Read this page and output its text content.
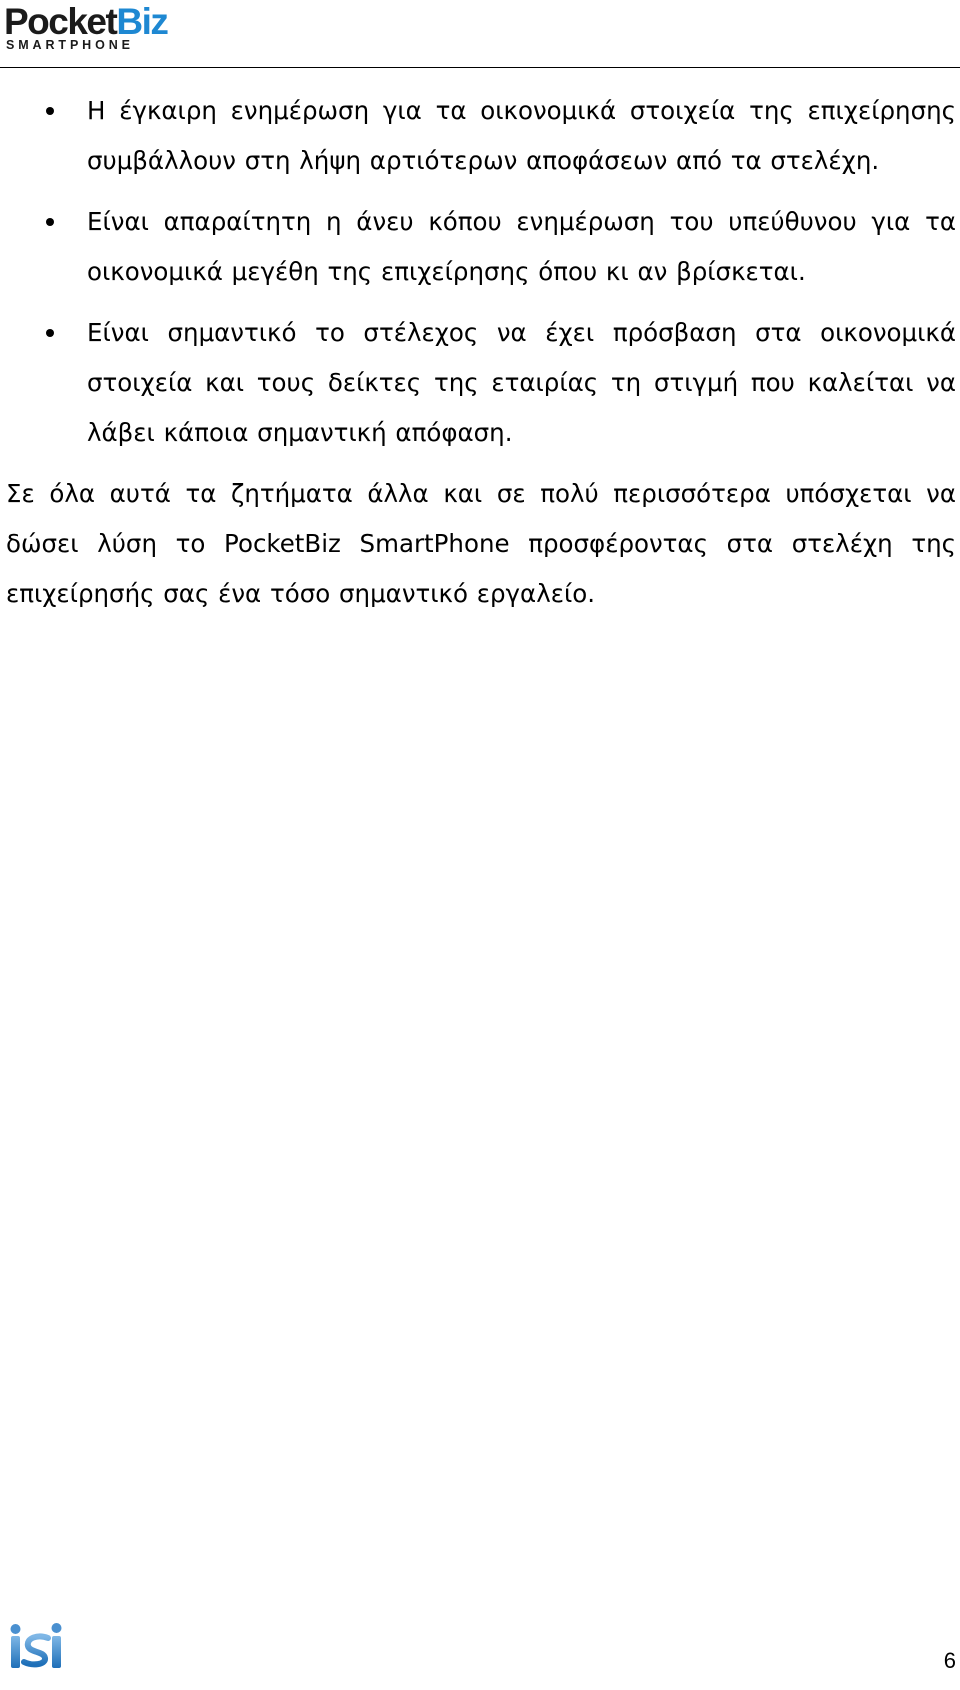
PocketBiz
SMARTPHONE
Η έγκαιρη ενημέρωση για τα οικονομικά στοιχεία της επιχείρησης συμβάλλουν στη λήψη αρτιότερων αποφάσεων από τα στελέχη.
Είναι απαραίτητη η άνευ κόπου ενημέρωση του υπεύθυνου για τα οικονομικά μεγέθη της επιχείρησης όπου κι αν βρίσκεται.
Είναι σημαντικό το στέλεχος να έχει πρόσβαση στα οικονομικά στοιχεία και τους δείκτες της εταιρίας τη στιγμή που καλείται να λάβει κάποια σημαντική απόφαση.

Σε όλα αυτά τα ζητήματα άλλα και σε πολύ περισσότερα υπόσχεται να δώσει λύση το PocketBiz SmartPhone προσφέροντας στα στελέχη της επιχείρησής σας ένα τόσο σημαντικό εργαλείο.

6
